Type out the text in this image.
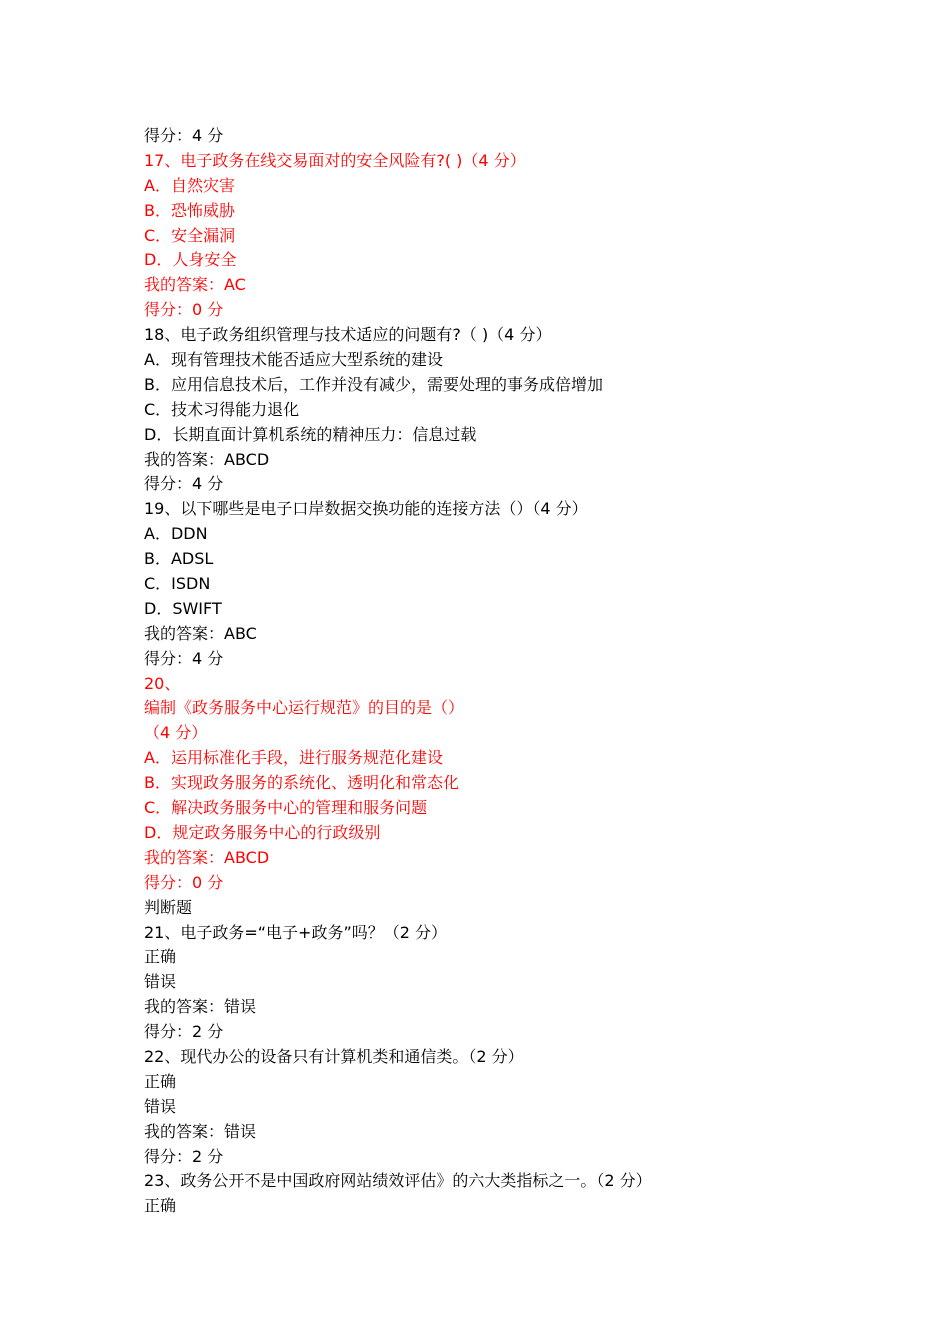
得分：4 分
17、电子政务在线交易面对的安全风险有?( )（4 分）
A．自然灾害
B．恐怖威胁
C．安全漏洞
D．人身安全
我的答案：AC
得分：0 分
18、电子政务组织管理与技术适应的问题有?（ )（4 分）
A．现有管理技术能否适应大型系统的建设
B．应用信息技术后，工作并没有减少，需要处理的事务成倍增加
C．技术习得能力退化
D．长期直面计算机系统的精神压力：信息过载
我的答案：ABCD
得分：4 分
19、以下哪些是电子口岸数据交换功能的连接方法（）（4 分）
A．DDN
B．ADSL
C．ISDN
D．SWIFT
我的答案：ABC
得分：4 分
20、
编制《政务服务中心运行规范》的目的是（）
（4 分）
A．运用标准化手段，进行服务规范化建设
B．实现政务服务的系统化、透明化和常态化
C．解决政务服务中心的管理和服务问题
D．规定政务服务中心的行政级别
我的答案：ABCD
得分：0 分
判断题
21、电子政务=“电子+政务”吗？（2 分）
正确
错误
我的答案：错误
得分：2 分
22、现代办公的设备只有计算机类和通信类。（2 分）
正确
错误
我的答案：错误
得分：2 分
23、政务公开不是中国政府网站绩效评估》的六大类指标之一。（2 分）
正确
